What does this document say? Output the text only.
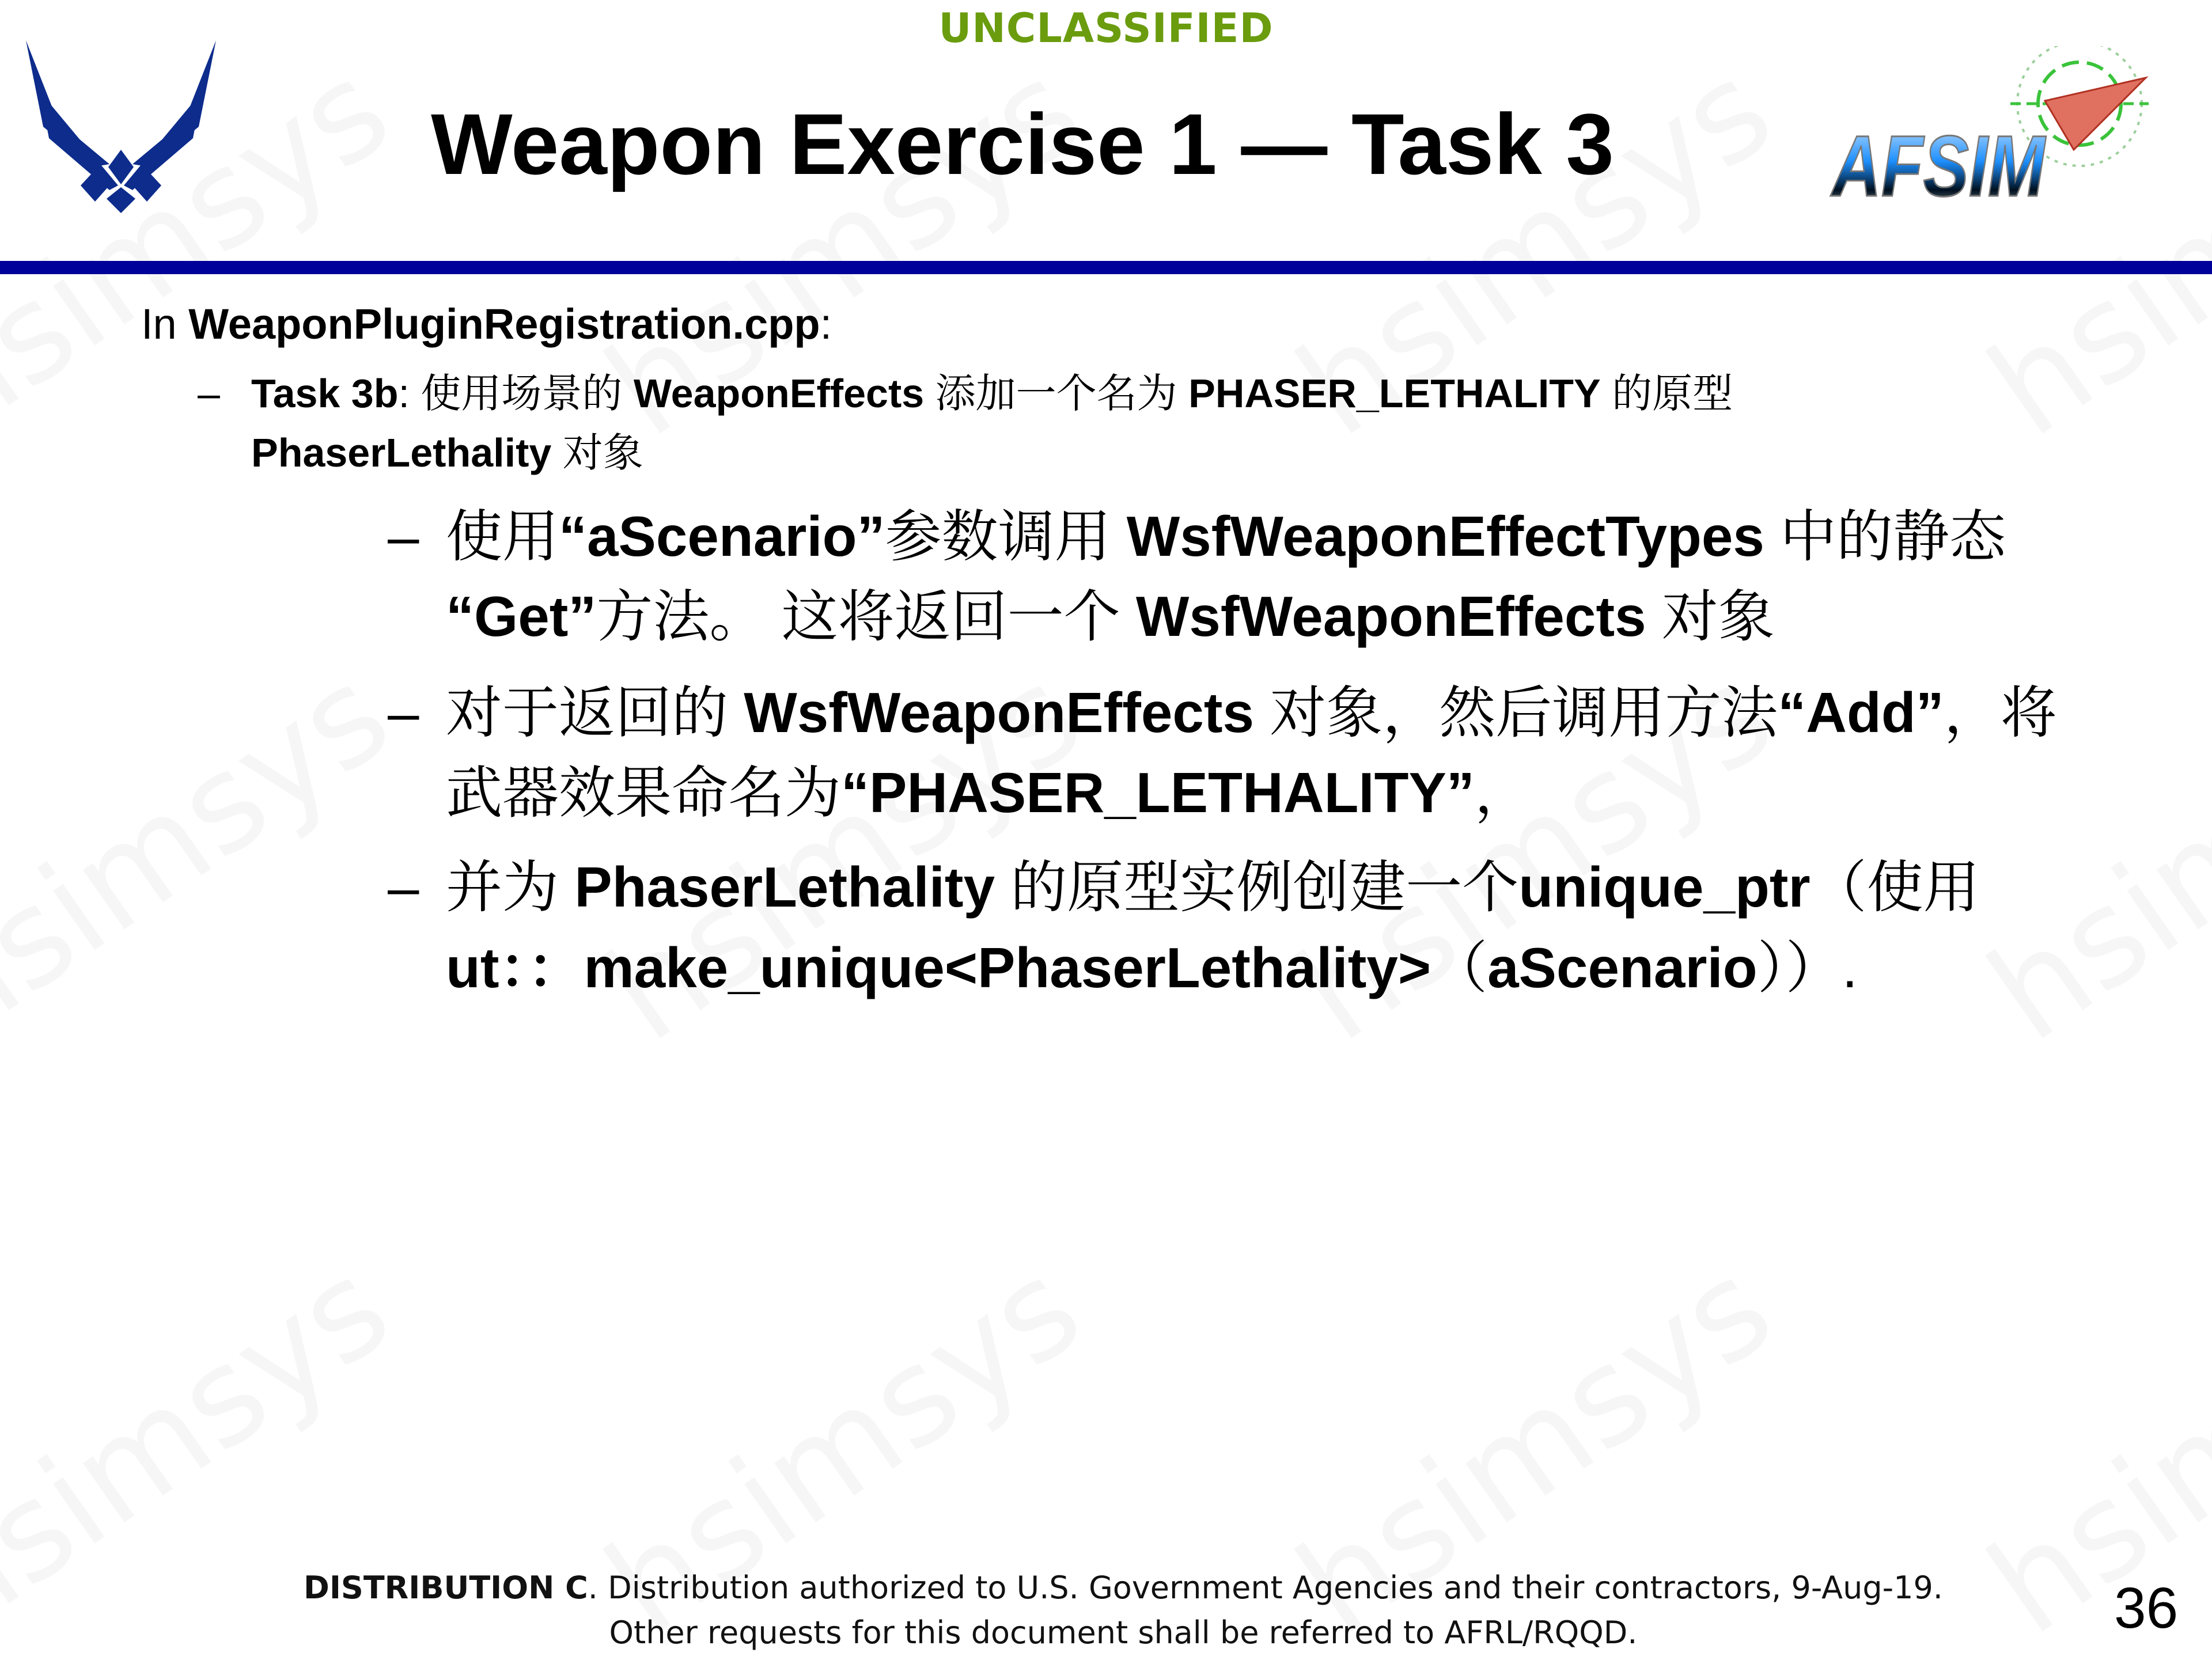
UNCLASSIFIED
Weapon Exercise 1 — Task 3	AFSIM
In WeaponPluginRegistration.cpp:
– Task 3b: 使用场景的 WeaponEffects 添加一个名为 PHASER_LETHALITY 的原型
PhaserLethality 对象
– 使用“aScenario”参数调用 WsfWeaponEffectTypes 中的静态
“Get”方法。 这将返回一个 WsfWeaponEffects 对象
– 对于返回的 WsfWeaponEffects 对象，然后调用方法“Add”，将
武器效果命名为“PHASER_LETHALITY”，
– 并为 PhaserLethality 的原型实例创建一个unique_ptr（使用
ut：：make_unique<PhaserLethality>（aScenario））.
DISTRIBUTION C. Distribution authorized to U.S. Government Agencies and their contractors, 9-Aug-19.
Other requests for this document shall be referred to AFRL/RQQD.	36
